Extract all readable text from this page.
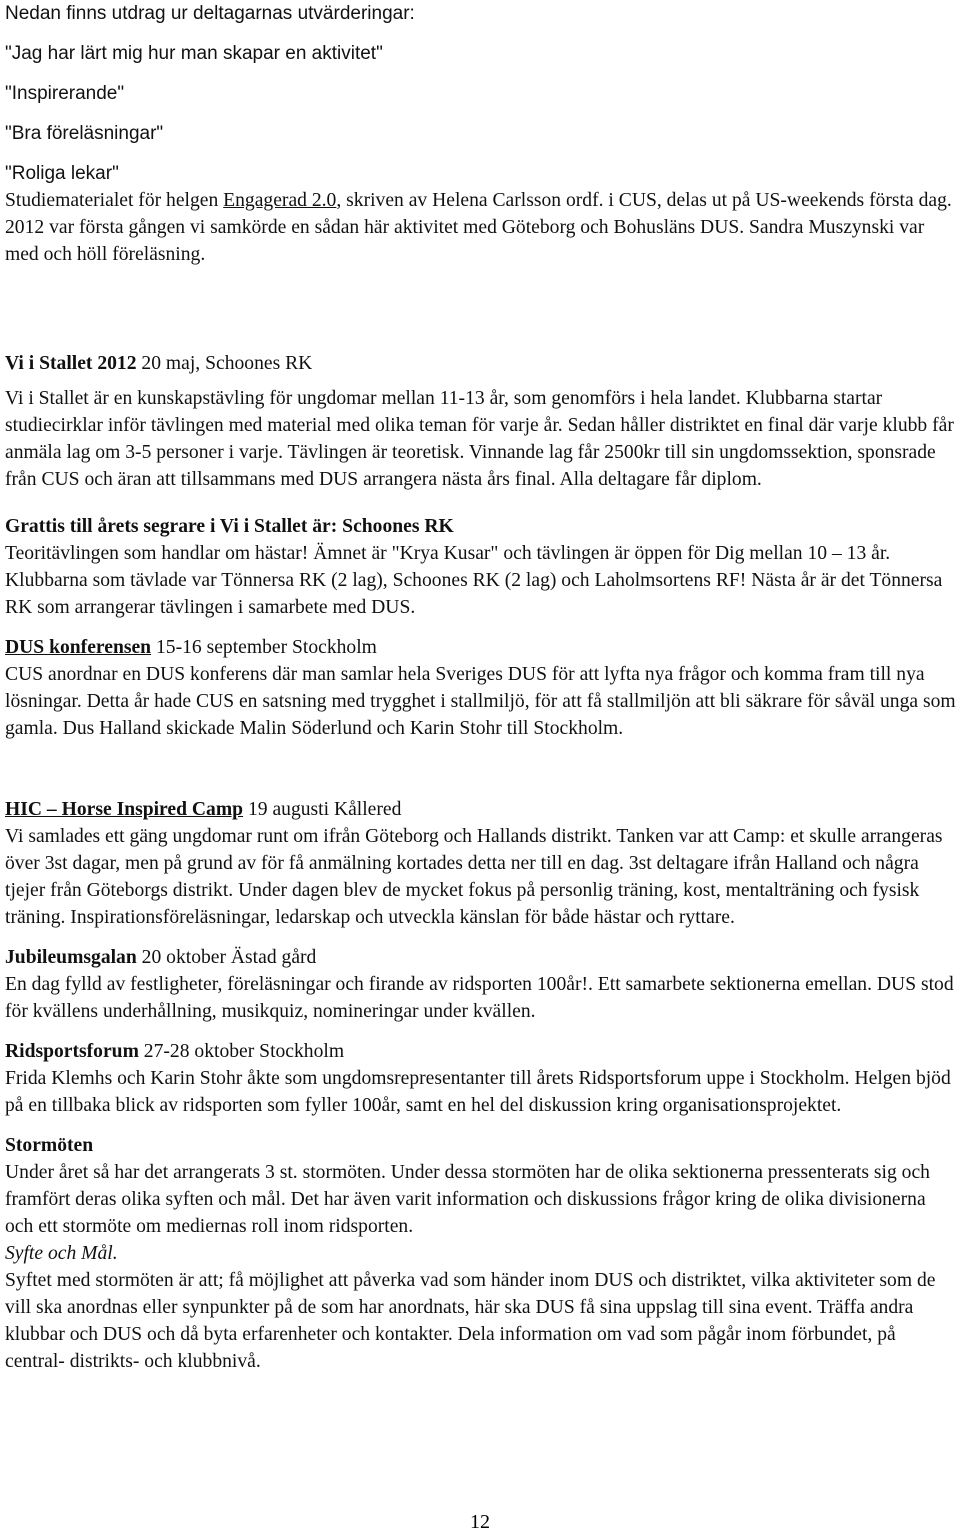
Nedan finns utdrag ur deltagarnas utvärderingar:

"Jag har lärt mig hur man skapar en aktivitet"

"Inspirerande"

"Bra föreläsningar"

"Roliga lekar"

Studiematerialet för helgen Engagerad 2.0, skriven av Helena Carlsson ordf. i CUS, delas ut på US-weekends första dag. 2012 var första gången vi samkörde en sådan här aktivitet med Göteborg och Bohusläns DUS. Sandra Muszynski var med och höll föreläsning.

Vi i Stallet 2012 20 maj, Schoones RK

Vi i Stallet är en kunskapstävling för ungdomar mellan 11-13 år, som genomförs i hela landet. Klubbarna startar studiecirklar inför tävlingen med material med olika teman för varje år. Sedan håller distriktet en final där varje klubb får anmäla lag om 3-5 personer i varje. Tävlingen är teoretisk. Vinnande lag får 2500kr till sin ungdomssektion, sponsrade från CUS och äran att tillsammans med DUS arrangera nästa års final. Alla deltagare får diplom.

Grattis till årets segrare i Vi i Stallet är: Schoones RK

Teoritävlingen som handlar om hästar! Ämnet är "Krya Kusar" och tävlingen är öppen för Dig mellan 10 – 13 år. Klubbarna som tävlade var Tönnersa RK (2 lag), Schoones RK (2 lag) och Laholmsortens RF! Nästa år är det Tönnersa RK som arrangerar tävlingen i samarbete med DUS.

DUS konferensen 15-16 september Stockholm

CUS anordnar en DUS konferens där man samlar hela Sveriges DUS för att lyfta nya frågor och komma fram till nya lösningar. Detta år hade CUS en satsning med trygghet i stallmiljö, för att få stallmiljön att bli säkrare för såväl unga som gamla. Dus Halland skickade Malin Söderlund och Karin Stohr till Stockholm.

HIC – Horse Inspired Camp 19 augusti Kållered

Vi samlades ett gäng ungdomar runt om ifrån Göteborg och Hallands distrikt. Tanken var att Camp: et skulle arrangeras över 3st dagar, men på grund av för få anmälning kortades detta ner till en dag. 3st deltagare ifrån Halland och några tjejer från Göteborgs distrikt. Under dagen blev de mycket fokus på personlig träning, kost, mentalträning och fysisk träning. Inspirationsföreläsningar, ledarskap och utveckla känslan för både hästar och ryttare.

Jubileumsgalan 20 oktober Ästad gård

En dag fylld av festligheter, föreläsningar och firande av ridsporten 100år!. Ett samarbete sektionerna emellan. DUS stod för kvällens underhållning, musikquiz, nomineringar under kvällen.

Ridsportsforum 27-28 oktober Stockholm

Frida Klemhs och Karin Stohr åkte som ungdomsrepresentanter till årets Ridsportsforum uppe i Stockholm. Helgen bjöd på en tillbaka blick av ridsporten som fyller 100år, samt en hel del diskussion kring organisationsprojektet.

Stormöten

Under året så har det arrangerats 3 st. stormöten. Under dessa stormöten har de olika sektionerna pressenterats sig och framfört deras olika syften och mål. Det har även varit information och diskussions frågor kring de olika divisionerna och ett stormöte om mediernas roll inom ridsporten.

Syfte och Mål.

Syftet med stormöten är att; få möjlighet att påverka vad som händer inom DUS och distriktet, vilka aktiviteter som de vill ska anordnas eller synpunkter på de som har anordnats, här ska DUS få sina uppslag till sina event. Träffa andra klubbar och DUS och då byta erfarenheter och kontakter. Dela information om vad som pågår inom förbundet, på central- distrikts- och klubbnivå.

12
